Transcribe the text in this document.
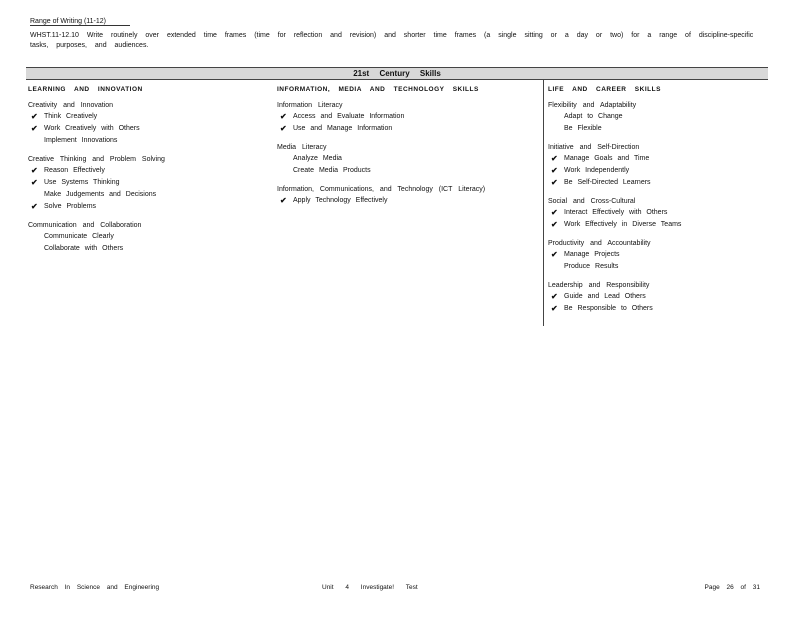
Range of Writing (11-12)
WHST.11-12.10 Write routinely over extended time frames (time for reflection and revision) and shorter time frames (a single sitting or a day or two) for a range of discipline-specific tasks, purposes, and audiences.
21st Century Skills
LEARNING AND INNOVATION
Creativity and Innovation
✔ Think Creatively
✔ Work Creatively with Others
Implement Innovations
Creative Thinking and Problem Solving
✔ Reason Effectively
✔ Use Systems Thinking
Make Judgements and Decisions
✔ Solve Problems
Communication and Collaboration
Communicate Clearly
Collaborate with Others
INFORMATION, MEDIA AND TECHNOLOGY SKILLS
Information Literacy
✔ Access and Evaluate Information
✔ Use and Manage Information
Media Literacy
Analyze Media
Create Media Products
Information, Communications, and Technology (ICT Literacy)
✔ Apply Technology Effectively
LIFE AND CAREER SKILLS
Flexibility and Adaptability
Adapt to Change
Be Flexible
Initiative and Self-Direction
✔ Manage Goals and Time
✔ Work Independently
✔ Be Self-Directed Learners
Social and Cross-Cultural
✔ Interact Effectively with Others
✔ Work Effectively in Diverse Teams
Productivity and Accountability
✔ Manage Projects
Produce Results
Leadership and Responsibility
✔ Guide and Lead Others
✔ Be Responsible to Others
Research In Science and Engineering	Unit 4 Investigate! Test	Page 26 of 31
